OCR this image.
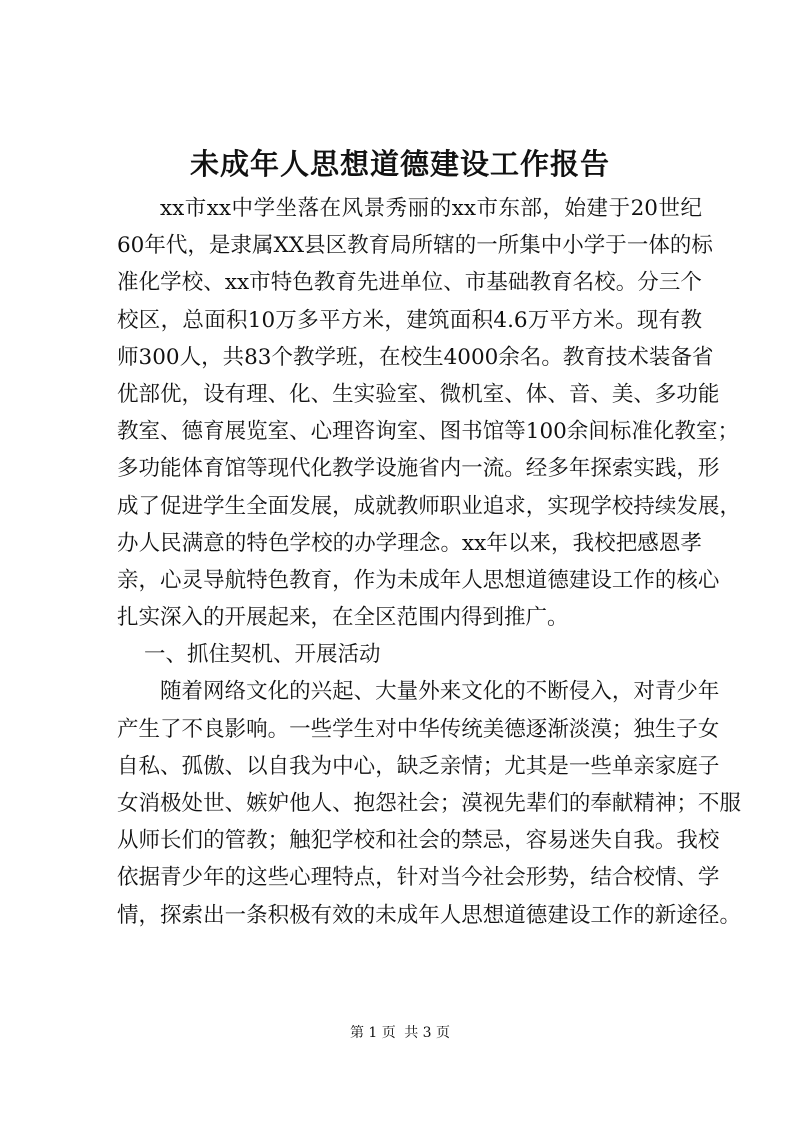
未成年人思想道德建设工作报告
xx 市 xx 中 学 坐 落 在 风 景 秀 丽 的 xx 市 东 部 ， 始 建 于 20 世 纪
60 年 代 ， 是 隶 属 XX 县 区 教 育 局 所 辖 的 一 所 集 中 小 学 于 一 体 的 标
准 化 学 校 、 xx 市 特 色 教 育 先 进 单 位 、 市 基 础 教 育 名 校 。 分 三 个
校 区 ， 总 面 积 10 万 多 平 方 米 ， 建 筑 面 积 4.6 万 平 方 米 。 现 有 教
师 300 人 ， 共 83 个 教 学 班 ， 在 校 生 4000 余 名 。 教 育 技 术 装 备 省
优 部 优 ， 设 有 理 、 化 、 生 实 验 室 、 微 机 室 、 体 、 音 、 美 、 多 功 能
教 室 、 德 育 展 览 室 、 心 理 咨 询 室 、 图 书 馆 等 100 余 间 标 准 化 教 室 ；
多 功 能 体 育 馆 等 现 代 化 教 学 设 施 省 内 一 流 。 经 多 年 探 索 实 践 ， 形
成 了 促 进 学 生 全 面 发 展 ， 成 就 教 师 职 业 追 求 ， 实 现 学 校 持 续 发 展 ，
办 人 民 满 意 的 特 色 学 校 的 办 学 理 念 。 xx 年 以 来 ， 我 校 把 感 恩 孝
亲 ， 心 灵 导 航 特 色 教 育 ， 作 为 未 成 年 人 思 想 道 德 建 设 工 作 的 核 心
扎实深入的开展起来，在全区范围内得到推广。
一、抓住契机、开展活动
随 着 网 络 文 化 的 兴 起 、 大 量 外 来 文 化 的 不 断 侵 入 ， 对 青 少 年
产 生 了 不 良 影 响 。 一 些 学 生 对 中 华 传 统 美 德 逐 渐 淡 漠 ； 独 生 子 女
自 私 、 孤 傲 、 以 自 我 为 中 心 ， 缺 乏 亲 情 ； 尤 其 是 一 些 单 亲 家 庭 子
女 消 极 处 世 、 嫉 妒 他 人 、 抱 怨 社 会 ； 漠 视 先 辈 们 的 奉 献 精 神 ； 不 服
从 师 长 们 的 管 教 ； 触 犯 学 校 和 社 会 的 禁 忌 ， 容 易 迷 失 自 我 。 我 校
依 据 青 少 年 的 这 些 心 理 特 点 ， 针 对 当 今 社 会 形 势 ， 结 合 校 情 、 学
情 ， 探 索 出 一 条 积 极 有 效 的 未 成 年 人 思 想 道 德 建 设 工 作 的 新 途 径 。
第 1 页 共 3 页
